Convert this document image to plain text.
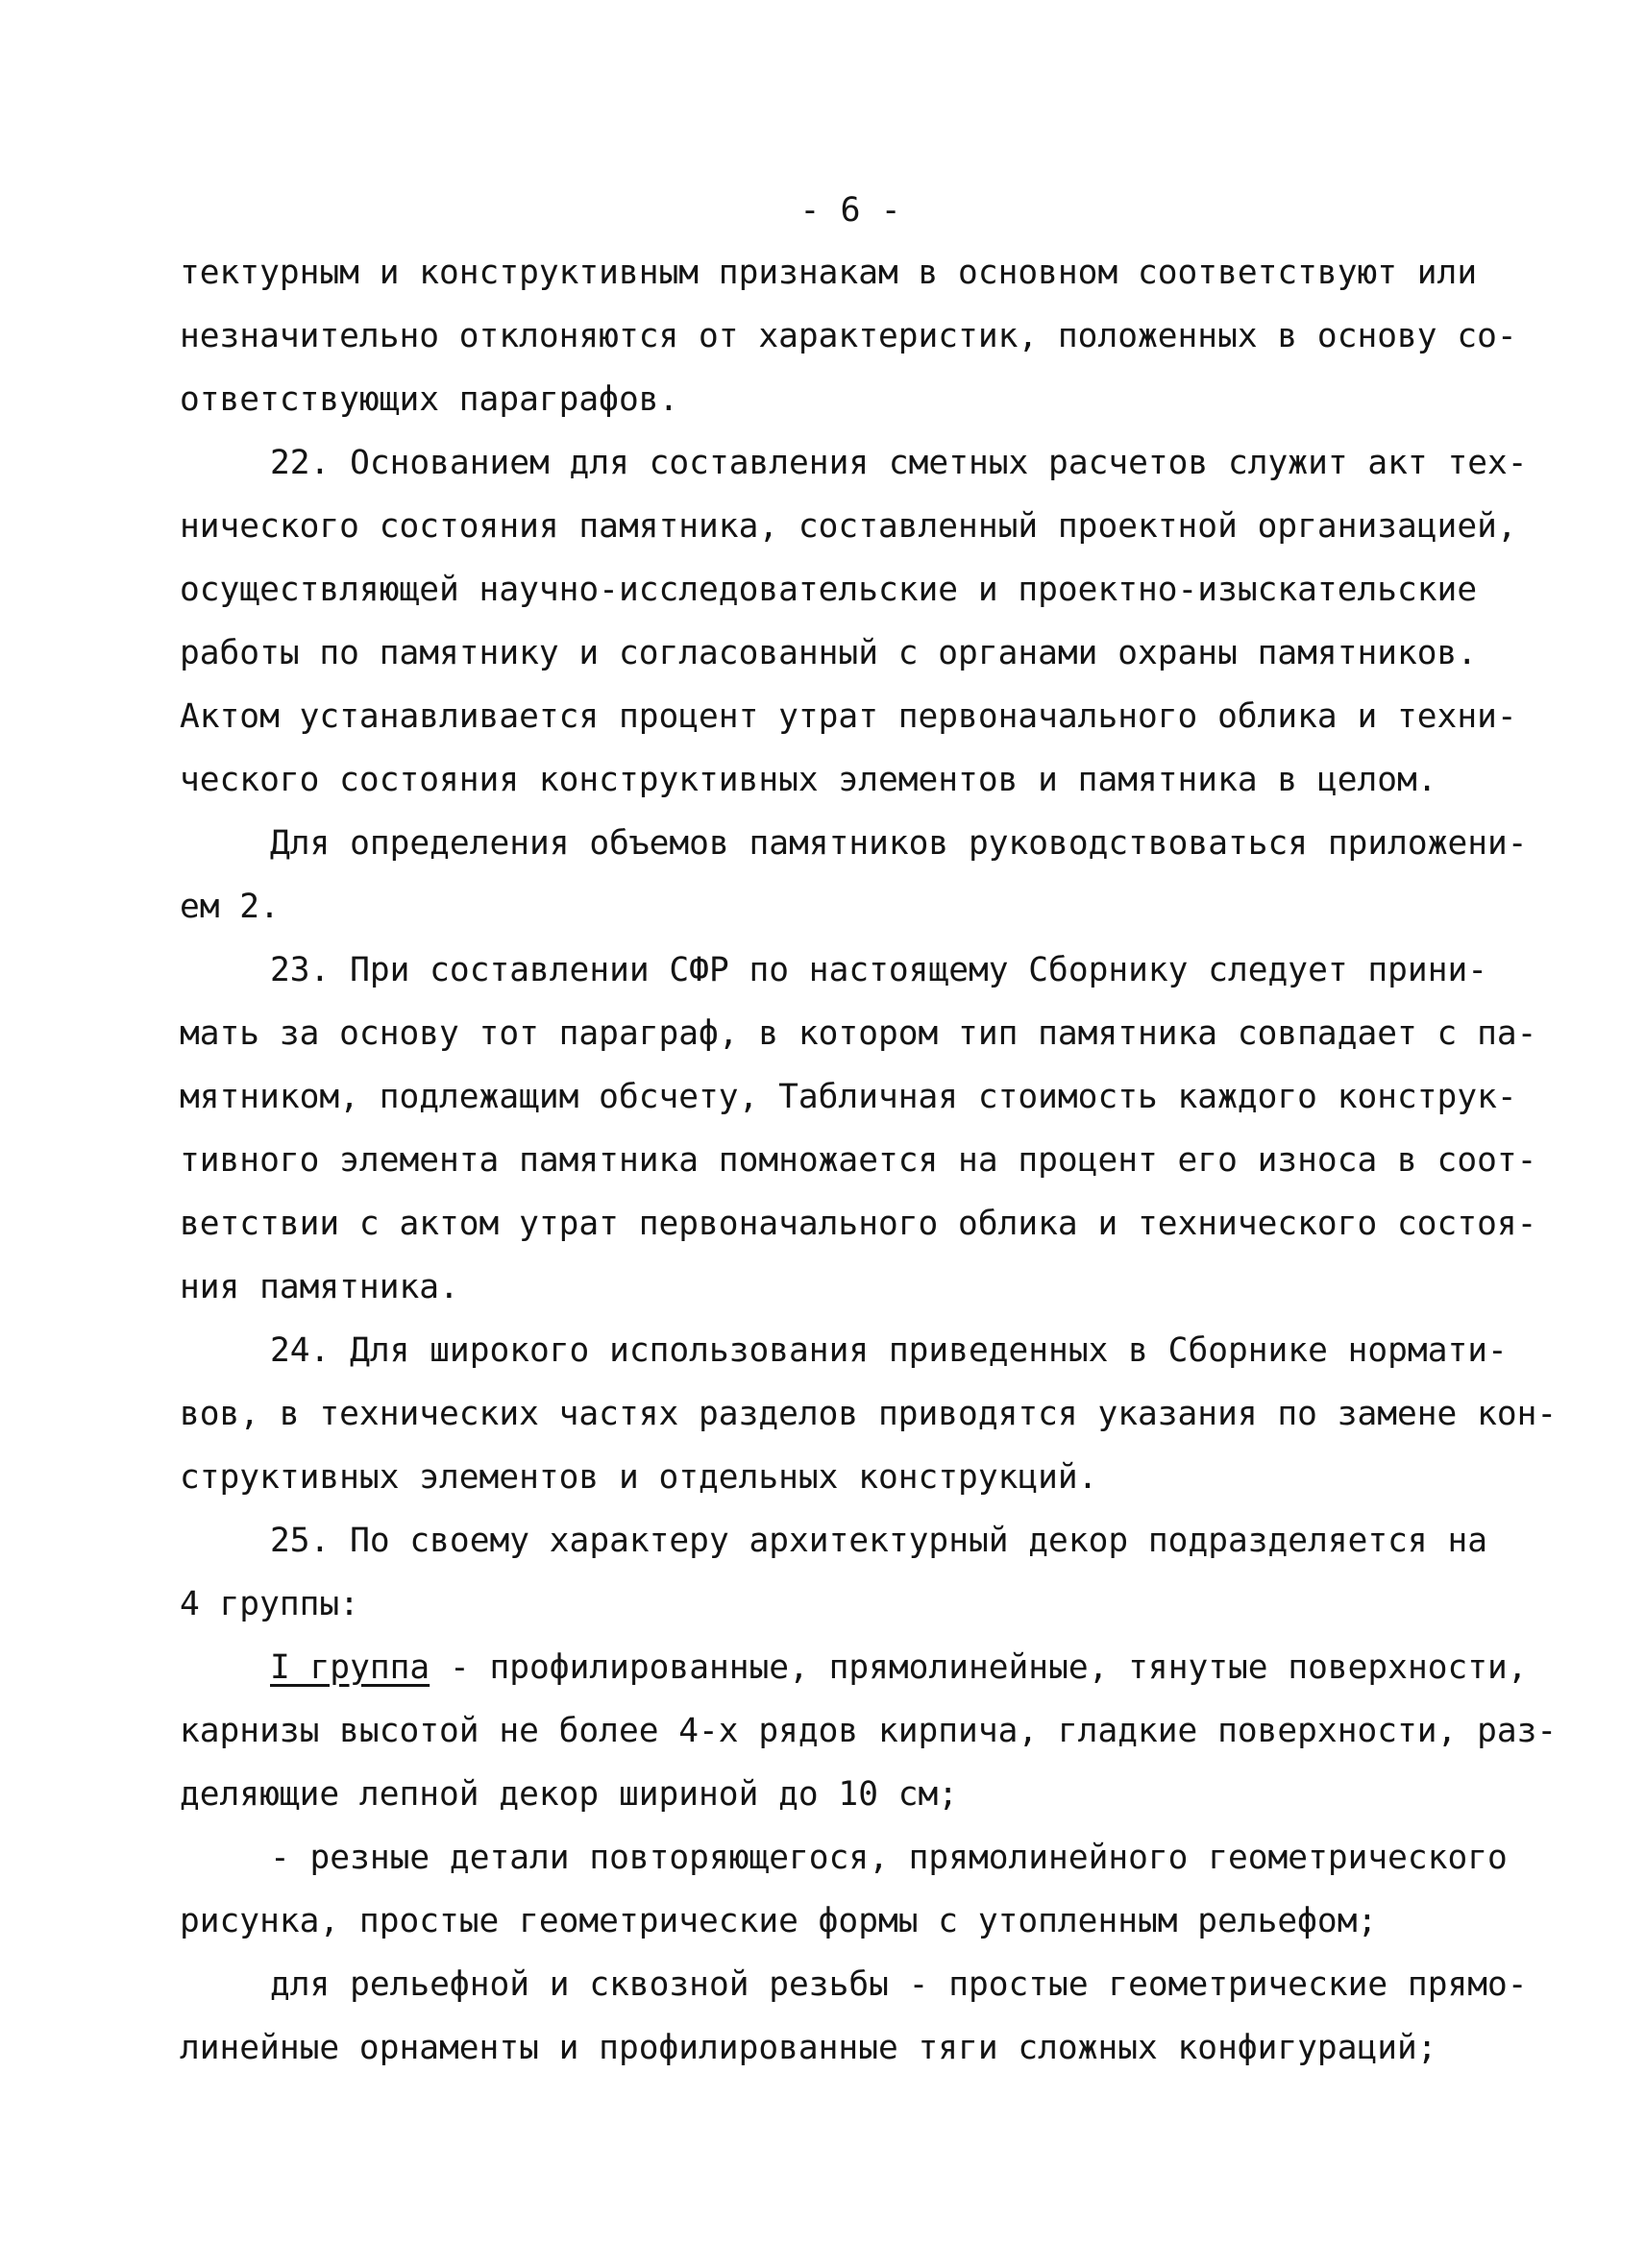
- 6 -
тектурным и конструктивным признакам в основном соответствуют или
незначительно отклоняются от характеристик, положенных в основу со-
ответствующих параграфов.
22. Основанием для составления сметных расчетов служит акт тех-
нического состояния памятника, составленный проектной организацией,
осуществляющей научно-исследовательские и проектно-изыскательские
работы по памятнику и согласованный с органами охраны памятников.
Актом устанавливается процент утрат первоначального облика и техни-
ческого состояния конструктивных элементов и памятника в целом.
Для определения объемов памятников руководствоваться приложени-
ем 2.
23. При составлении СФР по настоящему Сборнику следует прини-
мать за основу тот параграф, в котором тип памятника совпадает с па-
мятником, подлежащим обсчету, Табличная стоимость каждого конструк-
тивного элемента памятника помножается на процент его износа в соот-
ветствии с актом утрат первоначального облика и технического состоя-
ния памятника.
24. Для широкого использования приведенных в Сборнике нормати-
вов, в технических частях разделов приводятся указания по замене кон-
структивных элементов и отдельных конструкций.
25. По своему характеру архитектурный декор подразделяется на
4 группы:
I группа - профилированные, прямолинейные, тянутые поверхности,
карнизы высотой не более 4-х рядов кирпича, гладкие поверхности, раз-
деляющие лепной декор шириной до 10 см;
- резные детали повторяющегося, прямолинейного геометрического
рисунка, простые геометрические формы с утопленным рельефом;
для рельефной и сквозной резьбы - простые геометрические прямо-
линейные орнаменты и профилированные тяги сложных конфигураций;
